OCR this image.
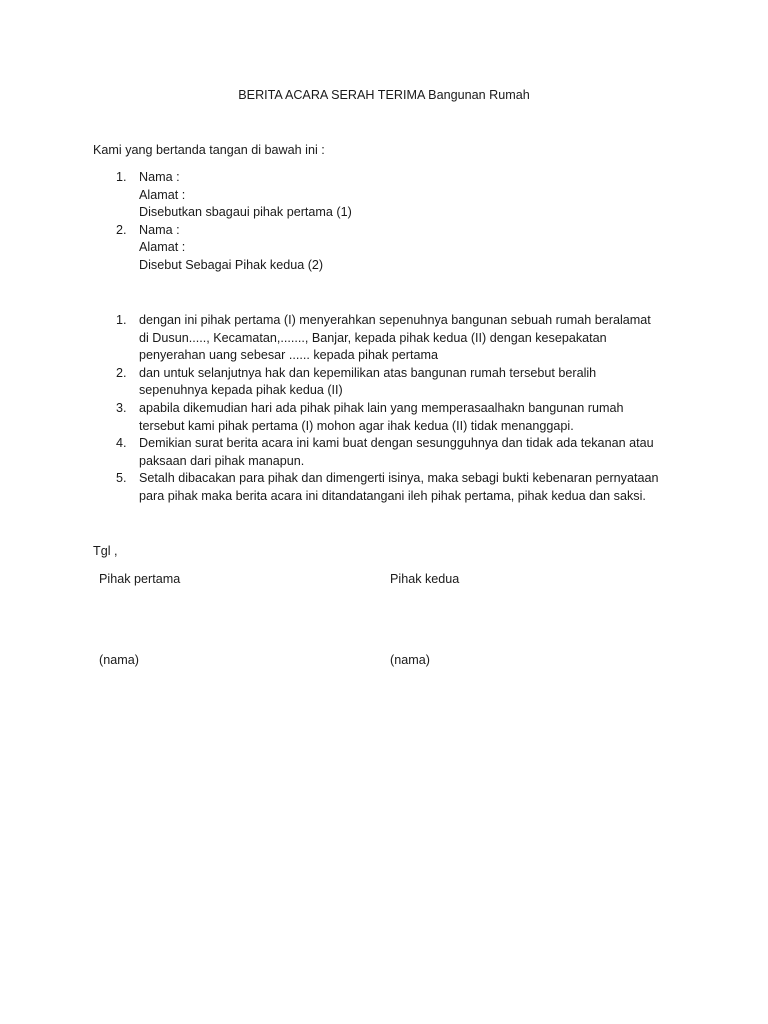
BERITA ACARA SERAH TERIMA Bangunan Rumah
Kami yang bertanda tangan di bawah ini :
1. Nama :
Alamat :
Disebutkan sbagaui pihak pertama (1)
2. Nama :
Alamat :
Disebut Sebagai Pihak kedua (2)
1. dengan ini pihak pertama (I) menyerahkan sepenuhnya bangunan sebuah rumah beralamat
di Dusun....., Kecamatan,......., Banjar, kepada pihak kedua (II) dengan kesepakatan
penyerahan uang sebesar ...... kepada pihak pertama
2. dan untuk selanjutnya hak dan kepemilikan atas bangunan rumah tersebut beralih
sepenuhnya kepada pihak kedua (II)
3. apabila dikemudian hari ada pihak pihak lain yang memperasaalhakn bangunan rumah
tersebut kami pihak pertama (I) mohon agar ihak kedua (II) tidak menanggapi.
4. Demikian surat berita acara ini kami buat dengan sesungguhnya dan tidak ada tekanan atau
paksaan dari pihak manapun.
5. Setalh dibacakan para pihak dan dimengerti isinya, maka sebagi bukti kebenaran pernyataan
para pihak maka berita acara ini ditandatangani ileh pihak pertama, pihak kedua dan saksi.
Tgl ,
Pihak pertama	Pihak kedua
(nama)	(nama)
